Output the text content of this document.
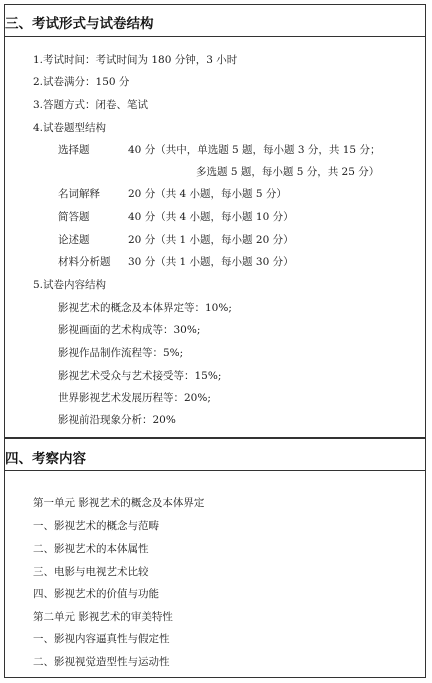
三、考试形式与试卷结构
1.考试时间：考试时间为 180 分钟，3 小时
2.试卷满分：150 分
3.答题方式：闭卷、笔试
4.试卷题型结构
选择题	40 分（共中，单选题 5 题，每小题 3 分，共 15 分；
多选题 5 题，每小题 5 分，共 25 分）
名词解释	20 分（共 4 小题，每小题 5 分）
简答题	40 分（共 4 小题，每小题 10 分）
论述题	20 分（共 1 小题，每小题 20 分）
材料分析题 30 分（共 1 小题，每小题 30 分）
5.试卷内容结构
影视艺术的概念及本体界定等：10%;
影视画面的艺术构成等：30%;
影视作品制作流程等：5%;
影视艺术受众与艺术接受等：15%;
世界影视艺术发展历程等：20%;
影视前沿现象分析：20%
四、考察内容
第一单元 影视艺术的概念及本体界定
一、影视艺术的概念与范畴
二、影视艺术的本体属性
三、电影与电视艺术比较
四、影视艺术的价值与功能
第二单元 影视艺术的审美特性
一、影视内容逼真性与假定性
二、影视视觉造型性与运动性
